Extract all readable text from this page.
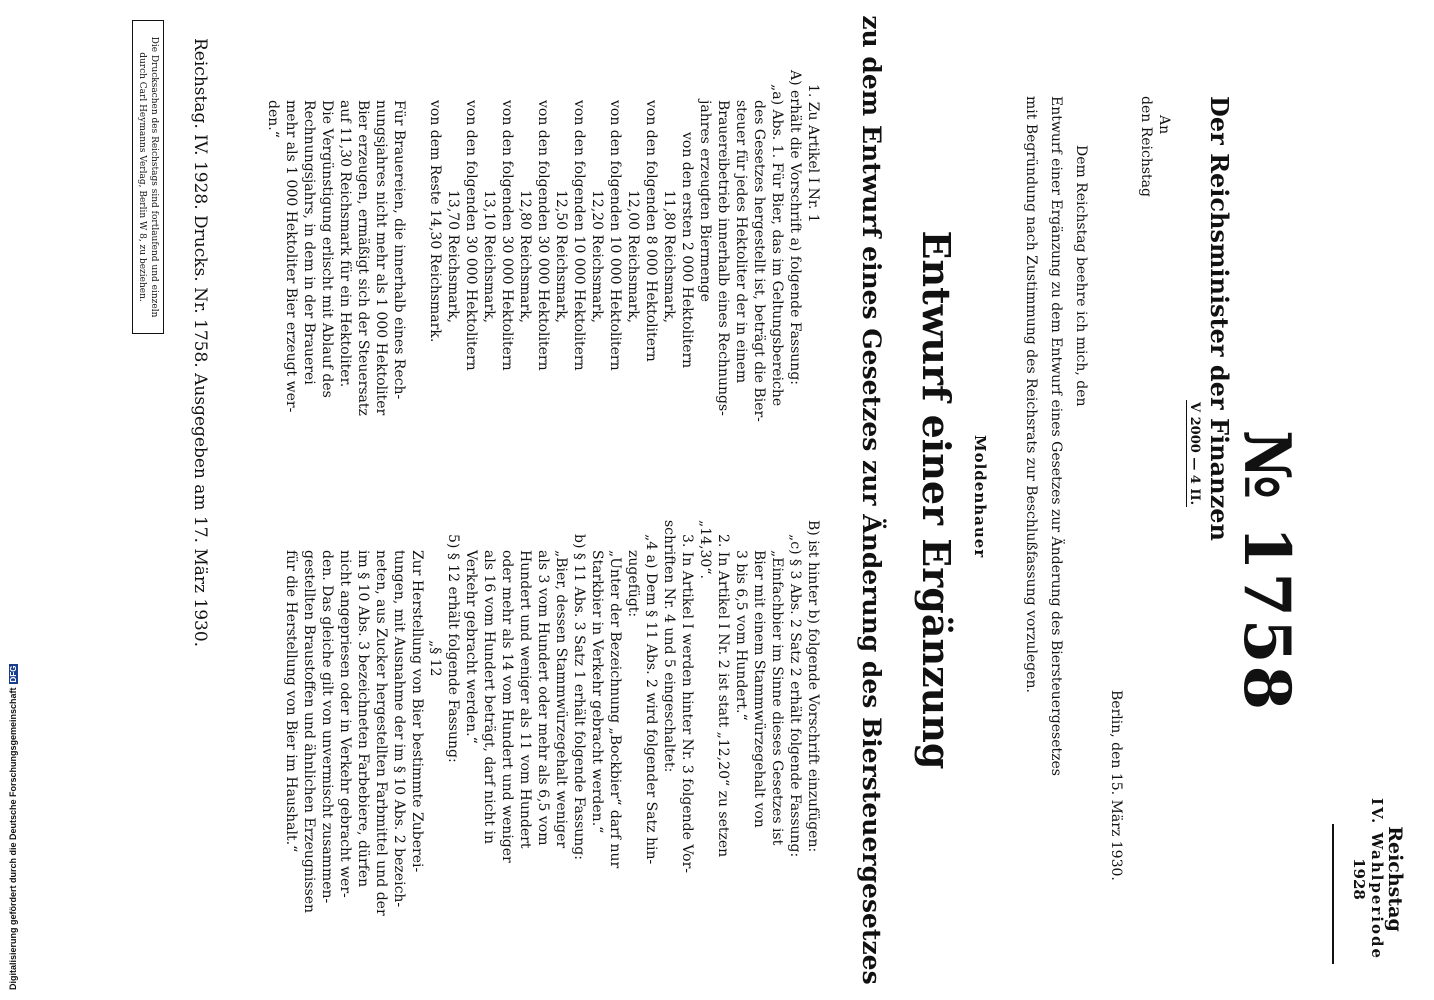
Reichstag
IV. Wahlperiode
1928
№ 1758
Der Reichsminister der Finanzen
V 2000 — 4 II.
An
den Reichstag
Berlin, den 15. März 1930.
Dem Reichstag beehre ich mich, den
Entwurf einer Ergänzung zu dem Entwurf eines Gesetzes zur Änderung des Biersteuergesetzes
mit Begründung nach Zustimmung des Reichsrats zur Beschlußfassung vorzulegen.
Moldenhauer
Entwurf einer Ergänzung
zu dem Entwurf eines Gesetzes zur Änderung des Biersteuergesetzes
1. Zu Artikel I Nr. 1
A) erhält die Vorschrift a) folgende Fassung:
„a) Abs. 1. Für Bier, das im Geltungsbereiche
des Gesetzes hergestellt ist, beträgt die Bier-
steuer für jedes Hektoliter der in einem
Brauereibetrieb innerhalb eines Rechnungs-
jahres erzeugten Biermenge
von den ersten 2 000 Hektolitern
11,80 Reichsmark,
von den folgenden 8 000 Hektolitern
12,00 Reichsmark,
von den folgenden 10 000 Hektolitern
12,20 Reichsmark,
von den folgenden 10 000 Hektolitern
12,50 Reichsmark,
von den folgenden 30 000 Hektolitern
12,80 Reichsmark,
von den folgenden 30 000 Hektolitern
13,10 Reichsmark,
von den folgenden 30 000 Hektolitern
13,70 Reichsmark,
von dem Reste 14,30 Reichsmark.

Für Brauereien, die innerhalb eines Rech-
nungsjahres nicht mehr als 1 000 Hektoliter
Bier erzeugen, ermäßigt sich der Steuersatz
auf 11,30 Reichsmark für ein Hektoliter.
Die Vergünstigung erlischt mit Ablauf des
Rechnungsjahrs, in dem in der Brauerei
mehr als 1 000 Hektoliter Bier erzeugt wer-
den.“
B) ist hinter b) folgende Vorschrift einzufügen:
„c) § 3 Abs. 2 Satz 2 erhält folgende Fassung:
„Einfachbier im Sinne dieses Gesetzes ist
Bier mit einem Stammwürzegehalt von
3 bis 6,5 vom Hundert.“
2. In Artikel I Nr. 2 ist statt „12,20“ zu setzen
„14,30“.
3. In Artikel I werden hinter Nr. 3 folgende Vor-
schriften Nr. 4 und 5 eingeschaltet:
„4 a) Dem § 11 Abs. 2 wird folgender Satz hin-
zugefügt:
„Unter der Bezeichnung „Bockbier“ darf nur
Starkbier in Verkehr gebracht werden.“
b) § 11 Abs. 3 Satz 1 erhält folgende Fassung:
„Bier, dessen Stammwürzegehalt weniger
als 3 vom Hundert oder mehr als 6,5 vom
Hundert und weniger als 11 vom Hundert
oder mehr als 14 vom Hundert und weniger
als 16 vom Hundert beträgt, darf nicht in
Verkehr gebracht werden.“
5) § 12 erhält folgende Fassung:
„§ 12
Zur Herstellung von Bier bestimmte Zuberei-
tungen, mit Ausnahme der im § 10 Abs. 2 bezeich-
neten, aus Zucker hergestellten Farbmittel und der
im § 10 Abs. 3 bezeichneten Farbebiere, dürfen
nicht angepriesen oder in Verkehr gebracht wer-
den. Das gleiche gilt von unvermischt zusammen-
gestellten Braustoffen und ähnlichen Erzeugnissen
für die Herstellung von Bier im Haushalt.“
Reichstag. IV. 1928. Drucks. Nr. 1758. Ausgegeben am 17. März 1930.
Die Drucksachen des Reichstags sind fortlaufend und einzeln durch Carl Heymanns Verlag, Berlin W 8, zu beziehen.
Digitalisierung gefördert durch die Deutsche ForschungsgemeinschaftDFG
